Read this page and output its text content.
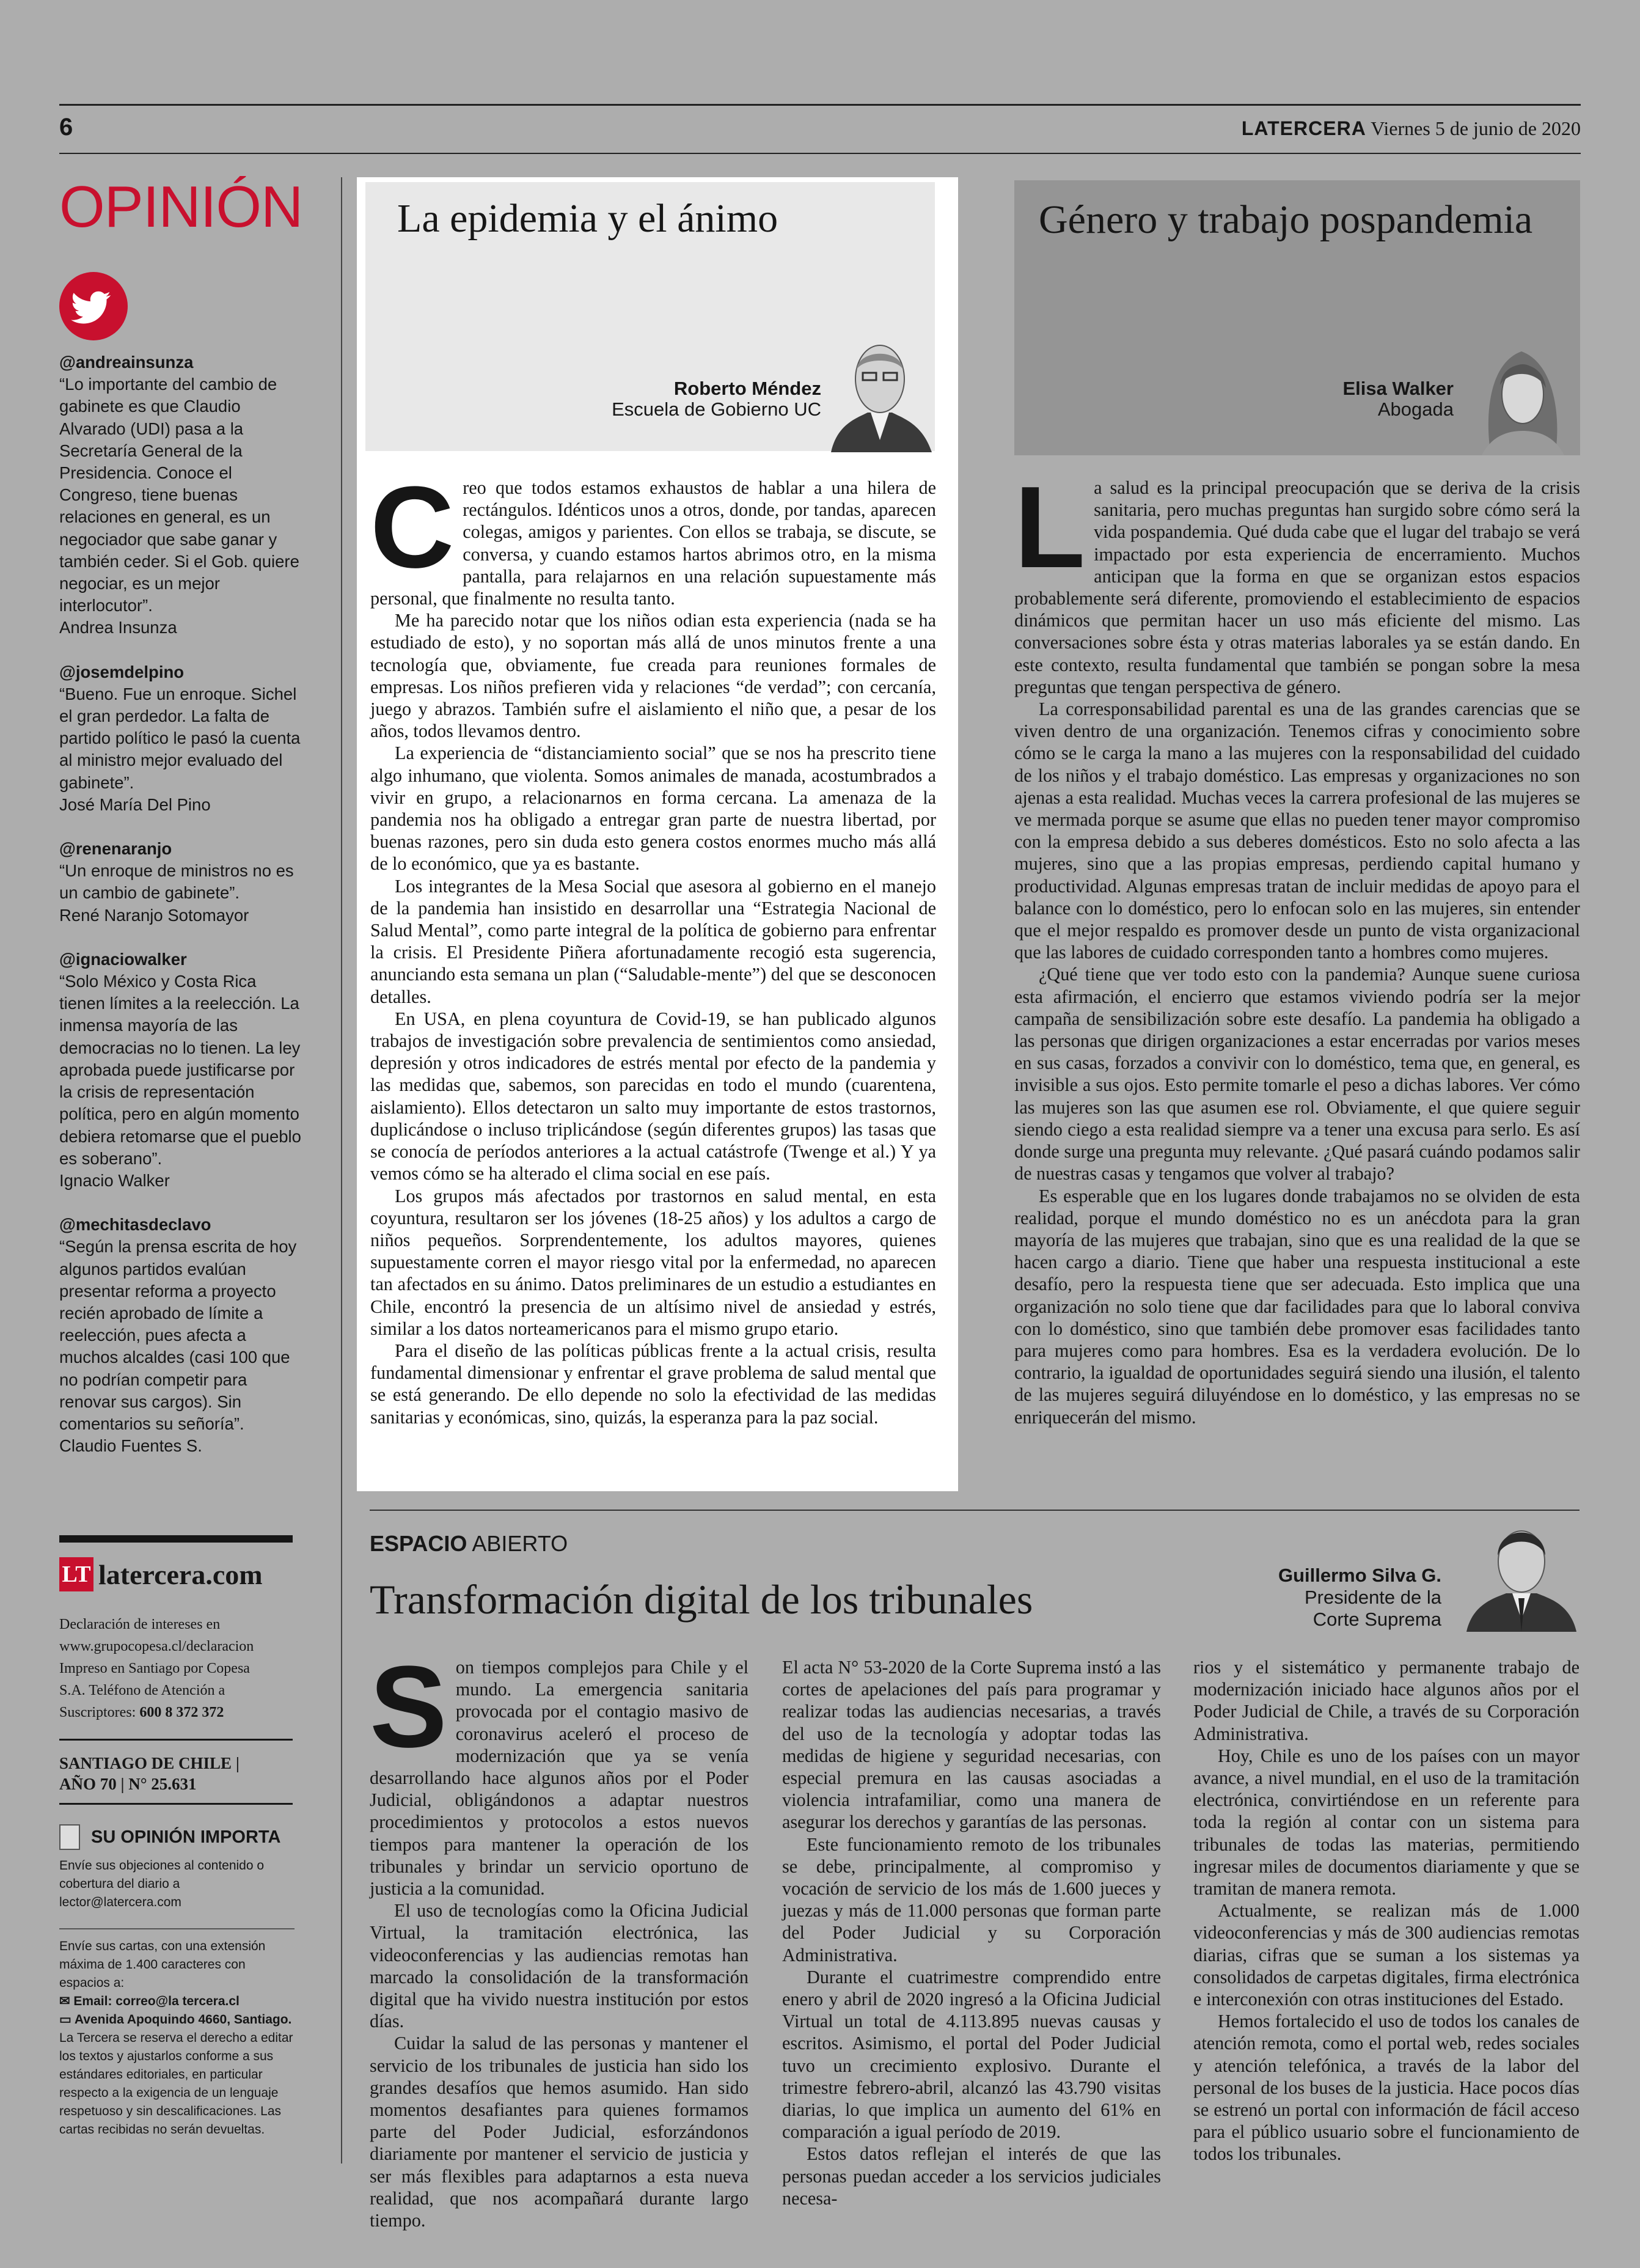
6	LATERCERA Viernes 5 de junio de 2020
OPINIÓN
@andreainsunza
“Lo importante del cambio de gabinete es que Claudio Alvarado (UDI) pasa a la Secretaría General de la Presidencia. Conoce el Congreso, tiene buenas relaciones en general, es un negociador que sabe ganar y también ceder. Si el Gob. quiere negociar, es un mejor interlocutor”.
Andrea Insunza
@josemdelpino
“Bueno. Fue un enroque. Sichel el gran perdedor. La falta de partido político le pasó la cuenta al ministro mejor evaluado del gabinete”.
José María Del Pino
@renenaranjo
“Un enroque de ministros no es un cambio de gabinete”.
René Naranjo Sotomayor
@ignaciowalker
“Solo México y Costa Rica tienen límites a la reelección. La inmensa mayoría de las democracias no lo tienen. La ley aprobada puede justificarse por la crisis de representación política, pero en algún momento debiera retomarse que el pueblo es soberano”.
Ignacio Walker
@mechitasdeclavo
“Según la prensa escrita de hoy algunos partidos evalúan presentar reforma a proyecto recién aprobado de límite a reelección, pues afecta a muchos alcaldes (casi 100 que no podrían competir para renovar sus cargos). Sin comentarios su señoría”.
Claudio Fuentes S.
LT latercera.com
Declaración de intereses en
www.grupocopesa.cl/declaracion
Impreso en Santiago por Copesa
S.A. Teléfono de Atención a
Suscriptores: 600 8 372 372
SANTIAGO DE CHILE |
AÑO 70 | N° 25.631
SU OPINIÓN IMPORTA
Envíe sus objeciones al contenido o cobertura del diario a lector@latercera.com
Envíe sus cartas, con una extensión máxima de 1.400 caracteres con espacios a:
✉ Email: correo@la tercera.cl
▭ Avenida Apoquindo 4660, Santiago.
La Tercera se reserva el derecho a editar los textos y ajustarlos conforme a sus estándares editoriales, en particular respecto a la exigencia de un lenguaje respetuoso y sin descalificaciones. Las cartas recibidas no serán devueltas.
La epidemia y el ánimo
Roberto Méndez
Escuela de Gobierno UC

Creo que todos estamos exhaustos de hablar a una hilera de rectángulos. Idénticos unos a otros, donde, por tandas, aparecen colegas, amigos y parientes. Con ellos se trabaja, se discute, se conversa, y cuando estamos hartos abrimos otro, en la misma pantalla, para relajarnos en una relación supuestamente más personal, que finalmente no resulta tanto.

Me ha parecido notar que los niños odian esta experiencia (nada se ha estudiado de esto), y no soportan más allá de unos minutos frente a una tecnología que, obviamente, fue creada para reuniones formales de empresas. Los niños prefieren vida y relaciones “de verdad”; con cercanía, juego y abrazos. También sufre el aislamiento el niño que, a pesar de los años, todos llevamos dentro.

La experiencia de “distanciamiento social” que se nos ha prescrito tiene algo inhumano, que violenta. Somos animales de manada, acostumbrados a vivir en grupo, a relacionarnos en forma cercana. La amenaza de la pandemia nos ha obligado a entregar gran parte de nuestra libertad, por buenas razones, pero sin duda esto genera costos enormes mucho más allá de lo económico, que ya es bastante.

Los integrantes de la Mesa Social que asesora al gobierno en el manejo de la pandemia han insistido en desarrollar una “Estrategia Nacional de Salud Mental”, como parte integral de la política de gobierno para enfrentar la crisis. El Presidente Piñera afortunadamente recogió esta sugerencia, anunciando esta semana un plan (“Saludable-mente”) del que se desconocen detalles.

En USA, en plena coyuntura de Covid-19, se han publicado algunos trabajos de investigación sobre prevalencia de sentimientos como ansiedad, depresión y otros indicadores de estrés mental por efecto de la pandemia y las medidas que, sabemos, son parecidas en todo el mundo (cuarentena, aislamiento). Ellos detectaron un salto muy importante de estos trastornos, duplicándose o incluso triplicándose (según diferentes grupos) las tasas que se conocía de períodos anteriores a la actual catástrofe (Twenge et al.) Y ya vemos cómo se ha alterado el clima social en ese país.

Los grupos más afectados por trastornos en salud mental, en esta coyuntura, resultaron ser los jóvenes (18-25 años) y los adultos a cargo de niños pequeños. Sorprendentemente, los adultos mayores, quienes supuestamente corren el mayor riesgo vital por la enfermedad, no aparecen tan afectados en su ánimo. Datos preliminares de un estudio a estudiantes en Chile, encontró la presencia de un altísimo nivel de ansiedad y estrés, similar a los datos norteamericanos para el mismo grupo etario.

Para el diseño de las políticas públicas frente a la actual crisis, resulta fundamental dimensionar y enfrentar el grave problema de salud mental que se está generando. De ello depende no solo la efectividad de las medidas sanitarias y económicas, sino, quizás, la esperanza para la paz social.

Género y trabajo pospandemia
Elisa Walker
Abogada

La salud es la principal preocupación que se deriva de la crisis sanitaria, pero muchas preguntas han surgido sobre cómo será la vida pospandemia. Qué duda cabe que el lugar del trabajo se verá impactado por esta experiencia de encerramiento. Muchos anticipan que la forma en que se organizan estos espacios probablemente será diferente, promoviendo el establecimiento de espacios dinámicos que permitan hacer un uso más eficiente del mismo. Las conversaciones sobre ésta y otras materias laborales ya se están dando. En este contexto, resulta fundamental que también se pongan sobre la mesa preguntas que tengan perspectiva de género.

La corresponsabilidad parental es una de las grandes carencias que se viven dentro de una organización. Tenemos cifras y conocimiento sobre cómo se le carga la mano a las mujeres con la responsabilidad del cuidado de los niños y el trabajo doméstico. Las empresas y organizaciones no son ajenas a esta realidad. Muchas veces la carrera profesional de las mujeres se ve mermada porque se asume que ellas no pueden tener mayor compromiso con la empresa debido a sus deberes domésticos. Esto no solo afecta a las mujeres, sino que a las propias empresas, perdiendo capital humano y productividad. Algunas empresas tratan de incluir medidas de apoyo para el balance con lo doméstico, pero lo enfocan solo en las mujeres, sin entender que el mejor respaldo es promover desde un punto de vista organizacional que las labores de cuidado corresponden tanto a hombres como mujeres.

¿Qué tiene que ver todo esto con la pandemia? Aunque suene curiosa esta afirmación, el encierro que estamos viviendo podría ser la mejor campaña de sensibilización sobre este desafío. La pandemia ha obligado a las personas que dirigen organizaciones a estar encerradas por varios meses en sus casas, forzados a convivir con lo doméstico, tema que, en general, es invisible a sus ojos. Esto permite tomarle el peso a dichas labores. Ver cómo las mujeres son las que asumen ese rol. Obviamente, el que quiere seguir siendo ciego a esta realidad siempre va a tener una excusa para serlo. Es así donde surge una pregunta muy relevante. ¿Qué pasará cuándo podamos salir de nuestras casas y tengamos que volver al trabajo?

Es esperable que en los lugares donde trabajamos no se olviden de esta realidad, porque el mundo doméstico no es un anécdota para la gran mayoría de las mujeres que trabajan, sino que es una realidad de la que se hacen cargo a diario. Tiene que haber una respuesta institucional a este desafío, pero la respuesta tiene que ser adecuada. Esto implica que una organización no solo tiene que dar facilidades para que lo laboral conviva con lo doméstico, sino que también debe promover esas facilidades tanto para mujeres como para hombres. Esa es la verdadera evolución. De lo contrario, la igualdad de oportunidades seguirá siendo una ilusión, el talento de las mujeres seguirá diluyéndose en lo doméstico, y las empresas no se enriquecerán del mismo.

ESPACIO ABIERTO
Transformación digital de los tribunales
Guillermo Silva G.
Presidente de la Corte Suprema

Son tiempos complejos para Chile y el mundo. La emergencia sanitaria provocada por el contagio masivo de coronavirus aceleró el proceso de modernización que ya se venía desarrollando hace algunos años por el Poder Judicial, obligándonos a adaptar nuestros procedimientos y protocolos a estos nuevos tiempos para mantener la operación de los tribunales y brindar un servicio oportuno de justicia a la comunidad.

El uso de tecnologías como la Oficina Judicial Virtual, la tramitación electrónica, las videoconferencias y las audiencias remotas han marcado la consolidación de la transformación digital que ha vivido nuestra institución por estos días.

Cuidar la salud de las personas y mantener el servicio de los tribunales de justicia han sido los grandes desafíos que hemos asumido. Han sido momentos desafiantes para quienes formamos parte del Poder Judicial, esforzándonos diariamente por mantener el servicio de justicia y ser más flexibles para adaptarnos a esta nueva realidad, que nos acompañará durante largo tiempo.

El acta N° 53-2020 de la Corte Suprema instó a las cortes de apelaciones del país para programar y realizar todas las audiencias necesarias, a través del uso de la tecnología y adoptar todas las medidas de higiene y seguridad necesarias, con especial premura en las causas asociadas a violencia intrafamiliar, como una manera de asegurar los derechos y garantías de las personas.

Este funcionamiento remoto de los tribunales se debe, principalmente, al compromiso y vocación de servicio de los más de 1.600 jueces y juezas y más de 11.000 personas que forman parte del Poder Judicial y su Corporación Administrativa.

Durante el cuatrimestre comprendido entre enero y abril de 2020 ingresó a la Oficina Judicial Virtual un total de 4.113.895 nuevas causas y escritos. Asimismo, el portal del Poder Judicial tuvo un crecimiento explosivo. Durante el trimestre febrero-abril, alcanzó las 43.790 visitas diarias, lo que implica un aumento del 61% en comparación a igual período de 2019.

Estos datos reflejan el interés de que las personas puedan acceder a los servicios judiciales necesa-

rios y el sistemático y permanente trabajo de modernización iniciado hace algunos años por el Poder Judicial de Chile, a través de su Corporación Administrativa.

Hoy, Chile es uno de los países con un mayor avance, a nivel mundial, en el uso de la tramitación electrónica, convirtiéndose en un referente para toda la región al contar con un sistema para tribunales de todas las materias, permitiendo ingresar miles de documentos diariamente y que se tramitan de manera remota.

Actualmente, se realizan más de 1.000 videoconferencias y más de 300 audiencias remotas diarias, cifras que se suman a los sistemas ya consolidados de carpetas digitales, firma electrónica e interconexión con otras instituciones del Estado.

Hemos fortalecido el uso de todos los canales de atención remota, como el portal web, redes sociales y atención telefónica, a través de la labor del personal de los buses de la justicia. Hace pocos días se estrenó un portal con información de fácil acceso para el público usuario sobre el funcionamiento de todos los tribunales.
